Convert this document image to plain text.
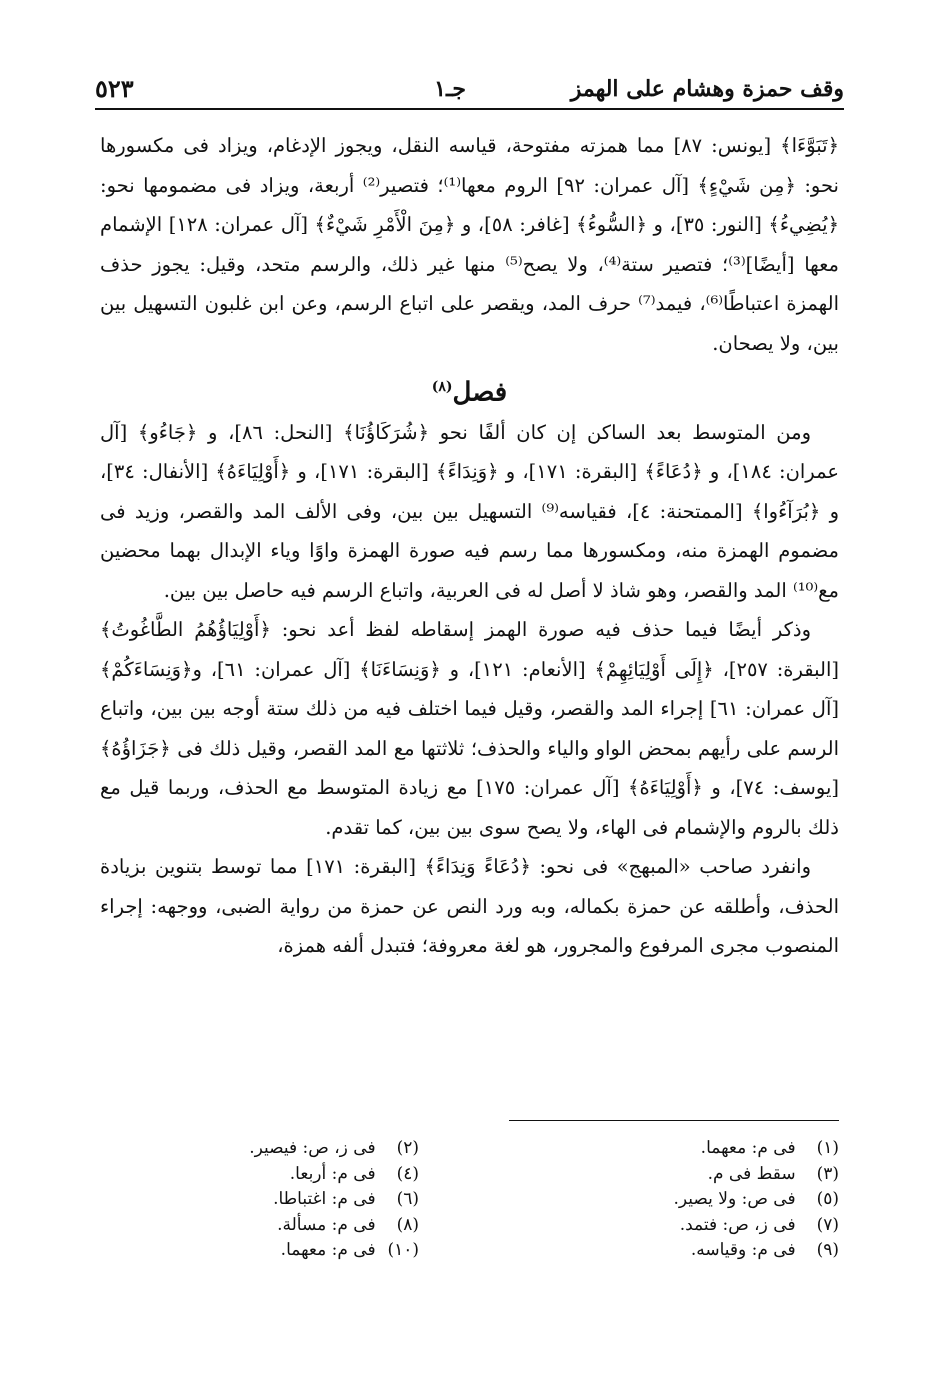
وقف حمزة وهشام على الهمز
جـ١
٥٢٣

﴿تَبَوَّءَا﴾ [يونس: ٨٧] مما همزته مفتوحة، قياسه النقل، ويجوز الإدغام، ويزاد فى مكسورها نحو: ﴿مِن شَيْءٍ﴾ [آل عمران: ٩٢] الروم معها⁽¹⁾؛ فتصير⁽²⁾ أربعة، ويزاد فى مضمومها نحو: ﴿يُضِيءُ﴾ [النور: ٣٥]، و ﴿السُّوءُ﴾ [غافر: ٥٨]، و ﴿مِنَ الْأَمْرِ شَيْءٌ﴾ [آل عمران: ١٢٨] الإشمام معها [أيضًا]⁽³⁾؛ فتصير ستة⁽⁴⁾، ولا يصح⁽⁵⁾ منها غير ذلك، والرسم متحد، وقيل: يجوز حذف الهمزة اعتباطًا⁽⁶⁾، فيمد⁽⁷⁾ حرف المد، ويقصر على اتباع الرسم، وعن ابن غلبون التسهيل بين بين، ولا يصحان.

فصل$^{(٨)}$

ومن المتوسط بعد الساكن إن كان ألفًا نحو ﴿شُرَكَاؤُنَا﴾ [النحل: ٨٦]، و ﴿جَاءُو﴾ [آل عمران: ١٨٤]، و ﴿دُعَاءً﴾ [البقرة: ١٧١]، و ﴿وَنِدَاءً﴾ [البقرة: ١٧١]، و ﴿أَوْلِيَاءَهُ﴾ [الأنفال: ٣٤]، و ﴿بُرَآءُوا﴾ [الممتحنة: ٤]، فقياسه⁽⁹⁾ التسهيل بين بين، وفى الألف المد والقصر، وزيد فى مضموم الهمزة منه، ومكسورها مما رسم فيه صورة الهمزة واوًا وياء الإبدال بهما محضين مع⁽¹⁰⁾ المد والقصر، وهو شاذ لا أصل له فى العربية، واتباع الرسم فيه حاصل بين بين.

وذكر أيضًا فيما حذف فيه صورة الهمز إسقاطه لفظ أعد نحو: ﴿أَوْلِيَاؤُهُمُ الطَّاغُوتُ﴾ [البقرة: ٢٥٧]، ﴿إِلَى أَوْلِيَائِهِمْ﴾ [الأنعام: ١٢١]، و ﴿وَنِسَاءَنَا﴾ [آل عمران: ٦١]، و﴿وَنِسَاءَكُمْ﴾ [آل عمران: ٦١] إجراء المد والقصر، وقيل فيما اختلف فيه من ذلك ستة أوجه بين بين، واتباع الرسم على رأيهم بمحض الواو والياء والحذف؛ ثلاثتها مع المد القصر، وقيل ذلك فى ﴿جَزَاؤُهُ﴾ [يوسف: ٧٤]، و ﴿أَوْلِيَاءَهُ﴾ [آل عمران: ١٧٥] مع زيادة المتوسط مع الحذف، وربما قيل مع ذلك بالروم والإشمام فى الهاء، ولا يصح سوى بين بين، كما تقدم.

وانفرد صاحب «المبهج» فى نحو: ﴿دُعَاءً وَنِدَاءً﴾ [البقرة: ١٧١] مما توسط بتنوين بزيادة الحذف، وأطلقه عن حمزة بكماله، وبه ورد النص عن حمزة من رواية الضبى، ووجهه: إجراء المنصوب مجرى المرفوع والمجرور، هو لغة معروفة؛ فتبدل ألفه همزة،

(١) فى م: معهما.
(٣) سقط فى م.
(٥) فى ص: ولا يصير.
(٧) فى ز، ص: فتمد.
(٩) فى م: وقياسه.
(٢) فى ز، ص: فيصير.
(٤) فى م: أربعا.
(٦) فى م: اغتباطا.
(٨) فى م: مسألة.
(١٠) فى م: معهما.
